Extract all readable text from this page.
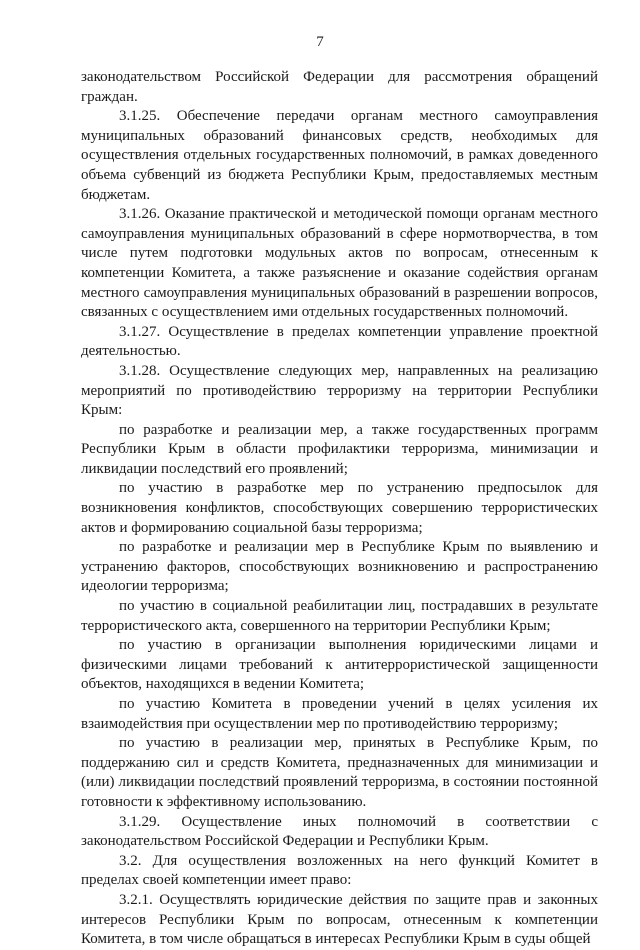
7

законодательством Российской Федерации для рассмотрения обращений граждан.

3.1.25. Обеспечение передачи органам местного самоуправления муниципальных образований финансовых средств, необходимых для осуществления отдельных государственных полномочий, в рамках доведенного объема субвенций из бюджета Республики Крым, предоставляемых местным бюджетам.

3.1.26. Оказание практической и методической помощи органам местного самоуправления муниципальных образований в сфере нормотворчества, в том числе путем подготовки модульных актов по вопросам, отнесенным к компетенции Комитета, а также разъяснение и оказание содействия органам местного самоуправления муниципальных образований в разрешении вопросов, связанных с осуществлением ими отдельных государственных полномочий.

3.1.27. Осуществление в пределах компетенции управление проектной деятельностью.

3.1.28. Осуществление следующих мер, направленных на реализацию мероприятий по противодействию терроризму на территории Республики Крым:

по разработке и реализации мер, а также государственных программ Республики Крым в области профилактики терроризма, минимизации и ликвидации последствий его проявлений;

по участию в разработке мер по устранению предпосылок для возникновения конфликтов, способствующих совершению террористических актов и формированию социальной базы терроризма;

по разработке и реализации мер в Республике Крым по выявлению и устранению факторов, способствующих возникновению и распространению идеологии терроризма;

по участию в социальной реабилитации лиц, пострадавших в результате террористического акта, совершенного на территории Республики Крым;

по участию в организации выполнения юридическими лицами и физическими лицами требований к антитеррористической защищенности объектов, находящихся в ведении Комитета;

по участию Комитета в проведении учений в целях усиления их взаимодействия при осуществлении мер по противодействию терроризму;

по участию в реализации мер, принятых в Республике Крым, по поддержанию сил и средств Комитета, предназначенных для минимизации и (или) ликвидации последствий проявлений терроризма, в состоянии постоянной готовности к эффективному использованию.

3.1.29. Осуществление иных полномочий в соответствии с законодательством Российской Федерации и Республики Крым.

3.2. Для осуществления возложенных на него функций Комитет в пределах своей компетенции имеет право:

3.2.1. Осуществлять юридические действия по защите прав и законных интересов Республики Крым по вопросам, отнесенным к компетенции Комитета, в том числе обращаться в интересах Республики Крым в суды общей
